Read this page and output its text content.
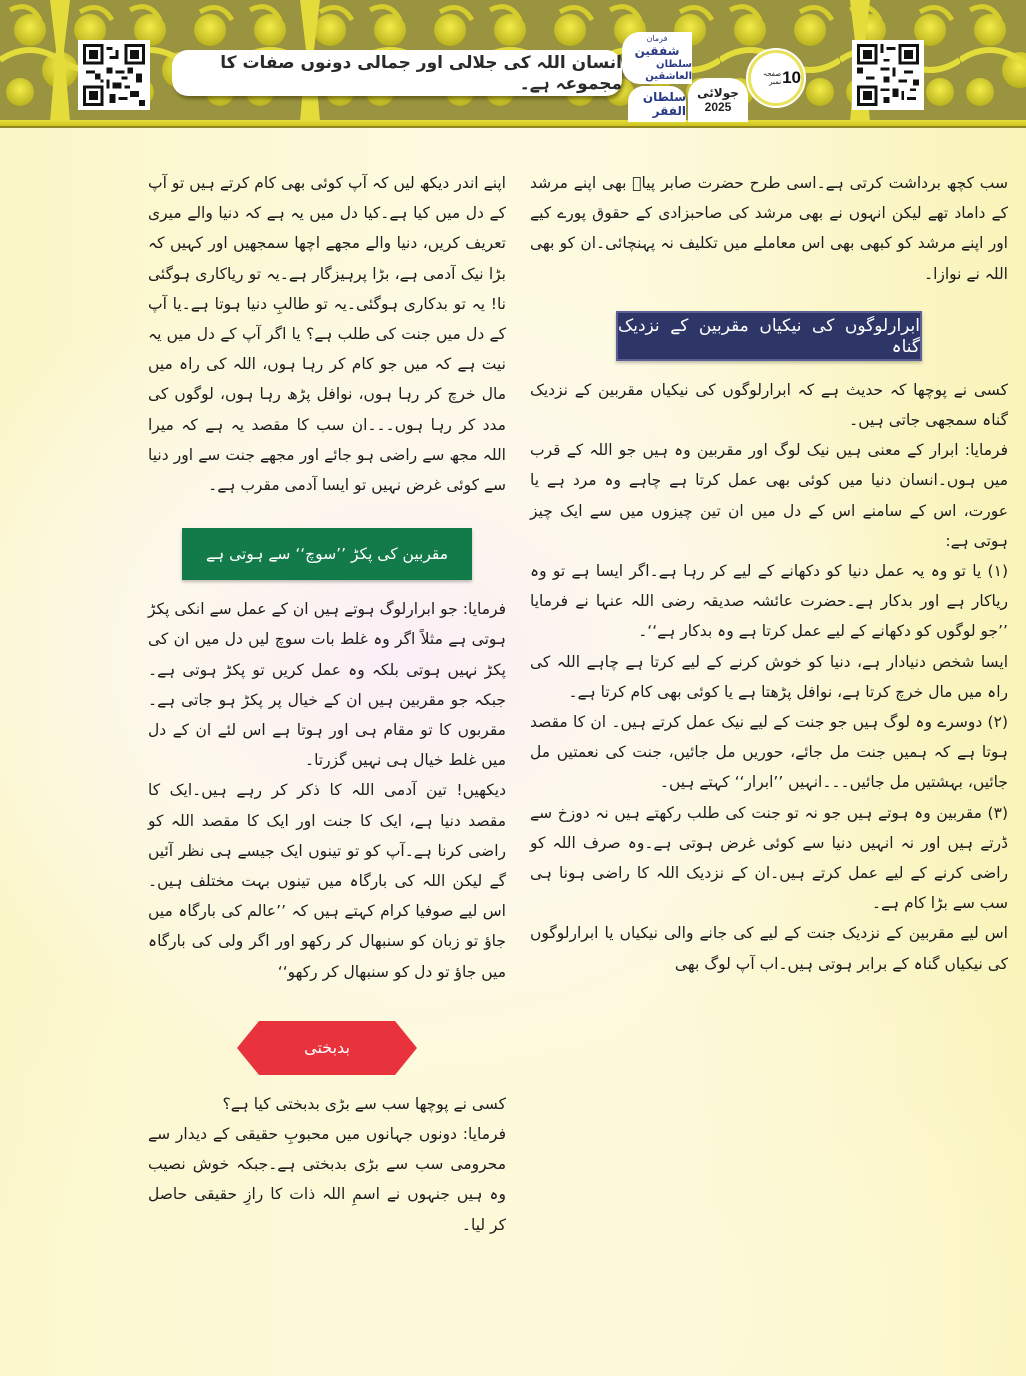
انسان اللہ کی جلالی اور جمالی دونوں صفات کا مجموعہ ہے۔
فرمان
شفقین
سلطان العاشقین
سلطان الفقر
جولائی
2025
صفحہ نمبر 10

سب کچھ برداشت کرتی ہے۔اسی طرح حضرت صابر پیاؒ بھی اپنے مرشد کے داماد تھے لیکن انہوں نے بھی مرشد کی صاحبزادی کے حقوق پورے کیے اور اپنے مرشد کو کبھی بھی اس معاملے میں تکلیف نہ پہنچائی۔ان کو بھی اللہ نے نوازا۔

ابرارلوگوں کی نیکیاں مقربین کے نزدیک گناہ

کسی نے پوچھا کہ حدیث ہے کہ ابرارلوگوں کی نیکیاں مقربین کے نزدیک گناہ سمجھی جاتی ہیں۔

فرمایا: ابرار کے معنی ہیں نیک لوگ اور مقربین وہ ہیں جو اللہ کے قرب میں ہوں۔انسان دنیا میں کوئی بھی عمل کرتا ہے چاہے وہ مرد ہے یا عورت، اس کے سامنے اس کے دل میں ان تین چیزوں میں سے ایک چیز ہوتی ہے:

(۱) یا تو وہ یہ عمل دنیا کو دکھانے کے لیے کر رہا ہے۔اگر ایسا ہے تو وہ ریاکار ہے اور بدکار ہے۔حضرت عائشہ صدیقہ رضی اللہ عنہا نے فرمایا ’’جو لوگوں کو دکھانے کے لیے عمل کرتا ہے وہ بدکار ہے‘‘۔

ایسا شخص دنیادار ہے، دنیا کو خوش کرنے کے لیے کرتا ہے چاہے اللہ کی راہ میں مال خرچ کرتا ہے، نوافل پڑھتا ہے یا کوئی بھی کام کرتا ہے۔

(۲) دوسرے وہ لوگ ہیں جو جنت کے لیے نیک عمل کرتے ہیں۔ ان کا مقصد ہوتا ہے کہ ہمیں جنت مل جائے، حوریں مل جائیں، جنت کی نعمتیں مل جائیں، بہشتیں مل جائیں۔۔۔انہیں ’’ابرار‘‘ کہتے ہیں۔

(۳) مقربین وہ ہوتے ہیں جو نہ تو جنت کی طلب رکھتے ہیں نہ دوزخ سے ڈرتے ہیں اور نہ انہیں دنیا سے کوئی غرض ہوتی ہے۔وہ صرف اللہ کو راضی کرنے کے لیے عمل کرتے ہیں۔ان کے نزدیک اللہ کا راضی ہونا ہی سب سے بڑا کام ہے۔

اس لیے مقربین کے نزدیک جنت کے لیے کی جانے والی نیکیاں یا ابرارلوگوں کی نیکیاں گناہ کے برابر ہوتی ہیں۔اب آپ لوگ بھی

اپنے اندر دیکھ لیں کہ آپ کوئی بھی کام کرتے ہیں تو آپ کے دل میں کیا ہے۔کیا دل میں یہ ہے کہ دنیا والے میری تعریف کریں، دنیا والے مجھے اچھا سمجھیں اور کہیں کہ بڑا نیک آدمی ہے، بڑا پرہیزگار ہے۔یہ تو ریاکاری ہوگئی نا! یہ تو بدکاری ہوگئی۔یہ تو طالبِ دنیا ہوتا ہے۔یا آپ کے دل میں جنت کی طلب ہے؟ یا اگر آپ کے دل میں یہ نیت ہے کہ میں جو کام کر رہا ہوں، اللہ کی راہ میں مال خرچ کر رہا ہوں، نوافل پڑھ رہا ہوں، لوگوں کی مدد کر رہا ہوں۔۔۔ان سب کا مقصد یہ ہے کہ میرا اللہ مجھ سے راضی ہو جائے اور مجھے جنت سے اور دنیا سے کوئی غرض نہیں تو ایسا آدمی مقرب ہے۔

مقربین کی پکڑ ’’سوچ‘‘ سے ہوتی ہے

فرمایا: جو ابرارلوگ ہوتے ہیں ان کے عمل سے انکی پکڑ ہوتی ہے مثلاً اگر وہ غلط بات سوچ لیں دل میں ان کی پکڑ نہیں ہوتی بلکہ وہ عمل کریں تو پکڑ ہوتی ہے۔جبکہ جو مقربین ہیں ان کے خیال پر پکڑ ہو جاتی ہے۔مقربوں کا تو مقام ہی اور ہوتا ہے اس لئے ان کے دل میں غلط خیال ہی نہیں گزرتا۔

دیکھیں! تین آدمی اللہ کا ذکر کر رہے ہیں۔ایک کا مقصد دنیا ہے، ایک کا جنت اور ایک کا مقصد اللہ کو راضی کرنا ہے۔آپ کو تو تینوں ایک جیسے ہی نظر آئیں گے لیکن اللہ کی بارگاہ میں تینوں بہت مختلف ہیں۔اس لیے صوفیا کرام کہتے ہیں کہ ’’عالم کی بارگاہ میں جاؤ تو زبان کو سنبھال کر رکھو اور اگر ولی کی بارگاہ میں جاؤ تو دل کو سنبھال کر رکھو‘‘

بدبختی

کسی نے پوچھا سب سے بڑی بدبختی کیا ہے؟

فرمایا: دونوں جہانوں میں محبوبِ حقیقی کے دیدار سے محرومی سب سے بڑی بدبختی ہے۔جبکہ خوش نصیب وہ ہیں جنہوں نے اسمِ اللہ ذات کا رازِ حقیقی حاصل کر لیا۔
